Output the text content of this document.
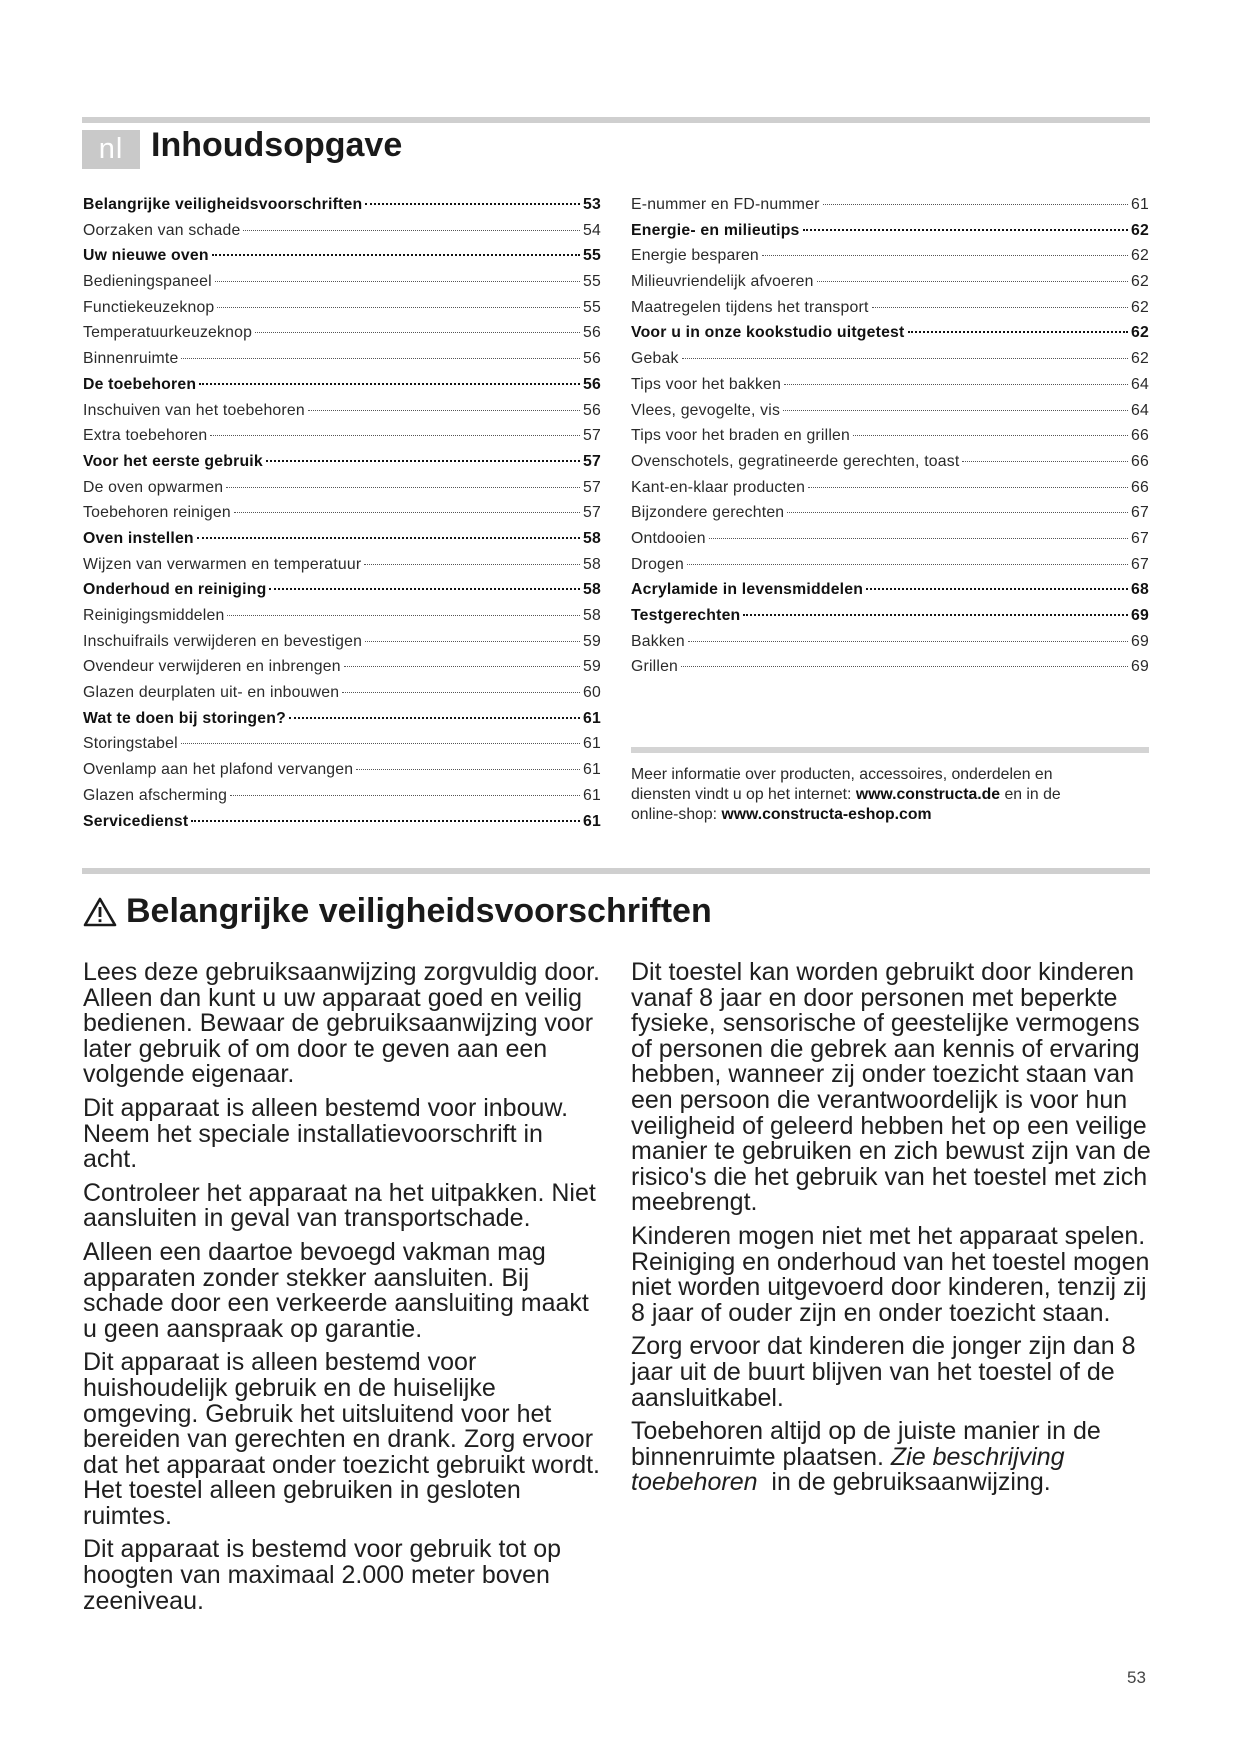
nl Inhoudsopgave
Belangrijke veiligheidsvoorschriften	53
Oorzaken van schade	54
Uw nieuwe oven	55
Bedieningspaneel	55
Functiekeuzeknop	55
Temperatuurkeuzeknop	56
Binnenruimte	56
De toebehoren	56
Inschuiven van het toebehoren	56
Extra toebehoren	57
Voor het eerste gebruik	57
De oven opwarmen	57
Toebehoren reinigen	57
Oven instellen	58
Wijzen van verwarmen en temperatuur	58
Onderhoud en reiniging	58
Reinigingsmiddelen	58
Inschuifrails verwijderen en bevestigen	59
Ovendeur verwijderen en inbrengen	59
Glazen deurplaten uit- en inbouwen	60
Wat te doen bij storingen?	61
Storingstabel	61
Ovenlamp aan het plafond vervangen	61
Glazen afscherming	61
Servicedienst	61
E-nummer en FD-nummer	61
Energie- en milieutips	62
Energie besparen	62
Milieuvriendelijk afvoeren	62
Maatregelen tijdens het transport	62
Voor u in onze kookstudio uitgetest	62
Gebak	62
Tips voor het bakken	64
Vlees, gevogelte, vis	64
Tips voor het braden en grillen	66
Ovenschotels, gegratineerde gerechten, toast	66
Kant-en-klaar producten	66
Bijzondere gerechten	67
Ontdooien	67
Drogen	67
Acrylamide in levensmiddelen	68
Testgerechten	69
Bakken	69
Grillen	69
Meer informatie over producten, accessoires, onderdelen en
diensten vindt u op het internet: www.constructa.de en in de
online-shop: www.constructa-eshop.com
Belangrijke veiligheidsvoorschriften

Lees deze gebruiksaanwijzing zorgvuldig door. Alleen dan kunt u uw apparaat goed en veilig bedienen. Bewaar de gebruiksaanwijzing voor later gebruik of om door te geven aan een volgende eigenaar.

Dit apparaat is alleen bestemd voor inbouw. Neem het speciale installatievoorschrift in acht.

Controleer het apparaat na het uitpakken. Niet aansluiten in geval van transportschade.

Alleen een daartoe bevoegd vakman mag apparaten zonder stekker aansluiten. Bij schade door een verkeerde aansluiting maakt u geen aanspraak op garantie.

Dit apparaat is alleen bestemd voor huishoudelijk gebruik en de huiselijke omgeving. Gebruik het uitsluitend voor het bereiden van gerechten en drank. Zorg ervoor dat het apparaat onder toezicht gebruikt wordt. Het toestel alleen gebruiken in gesloten ruimtes.

Dit apparaat is bestemd voor gebruik tot op hoogten van maximaal 2.000 meter boven zeeniveau.

Dit toestel kan worden gebruikt door kinderen vanaf 8 jaar en door personen met beperkte fysieke, sensorische of geestelijke vermogens of personen die gebrek aan kennis of ervaring hebben, wanneer zij onder toezicht staan van een persoon die verantwoordelijk is voor hun veiligheid of geleerd hebben het op een veilige manier te gebruiken en zich bewust zijn van de risico's die het gebruik van het toestel met zich meebrengt.

Kinderen mogen niet met het apparaat spelen. Reiniging en onderhoud van het toestel mogen niet worden uitgevoerd door kinderen, tenzij zij 8 jaar of ouder zijn en onder toezicht staan.

Zorg ervoor dat kinderen die jonger zijn dan 8 jaar uit de buurt blijven van het toestel of de aansluitkabel.

Toebehoren altijd op de juiste manier in de binnenruimte plaatsen. Zie beschrijving toebehoren  in de gebruiksaanwijzing.

53
